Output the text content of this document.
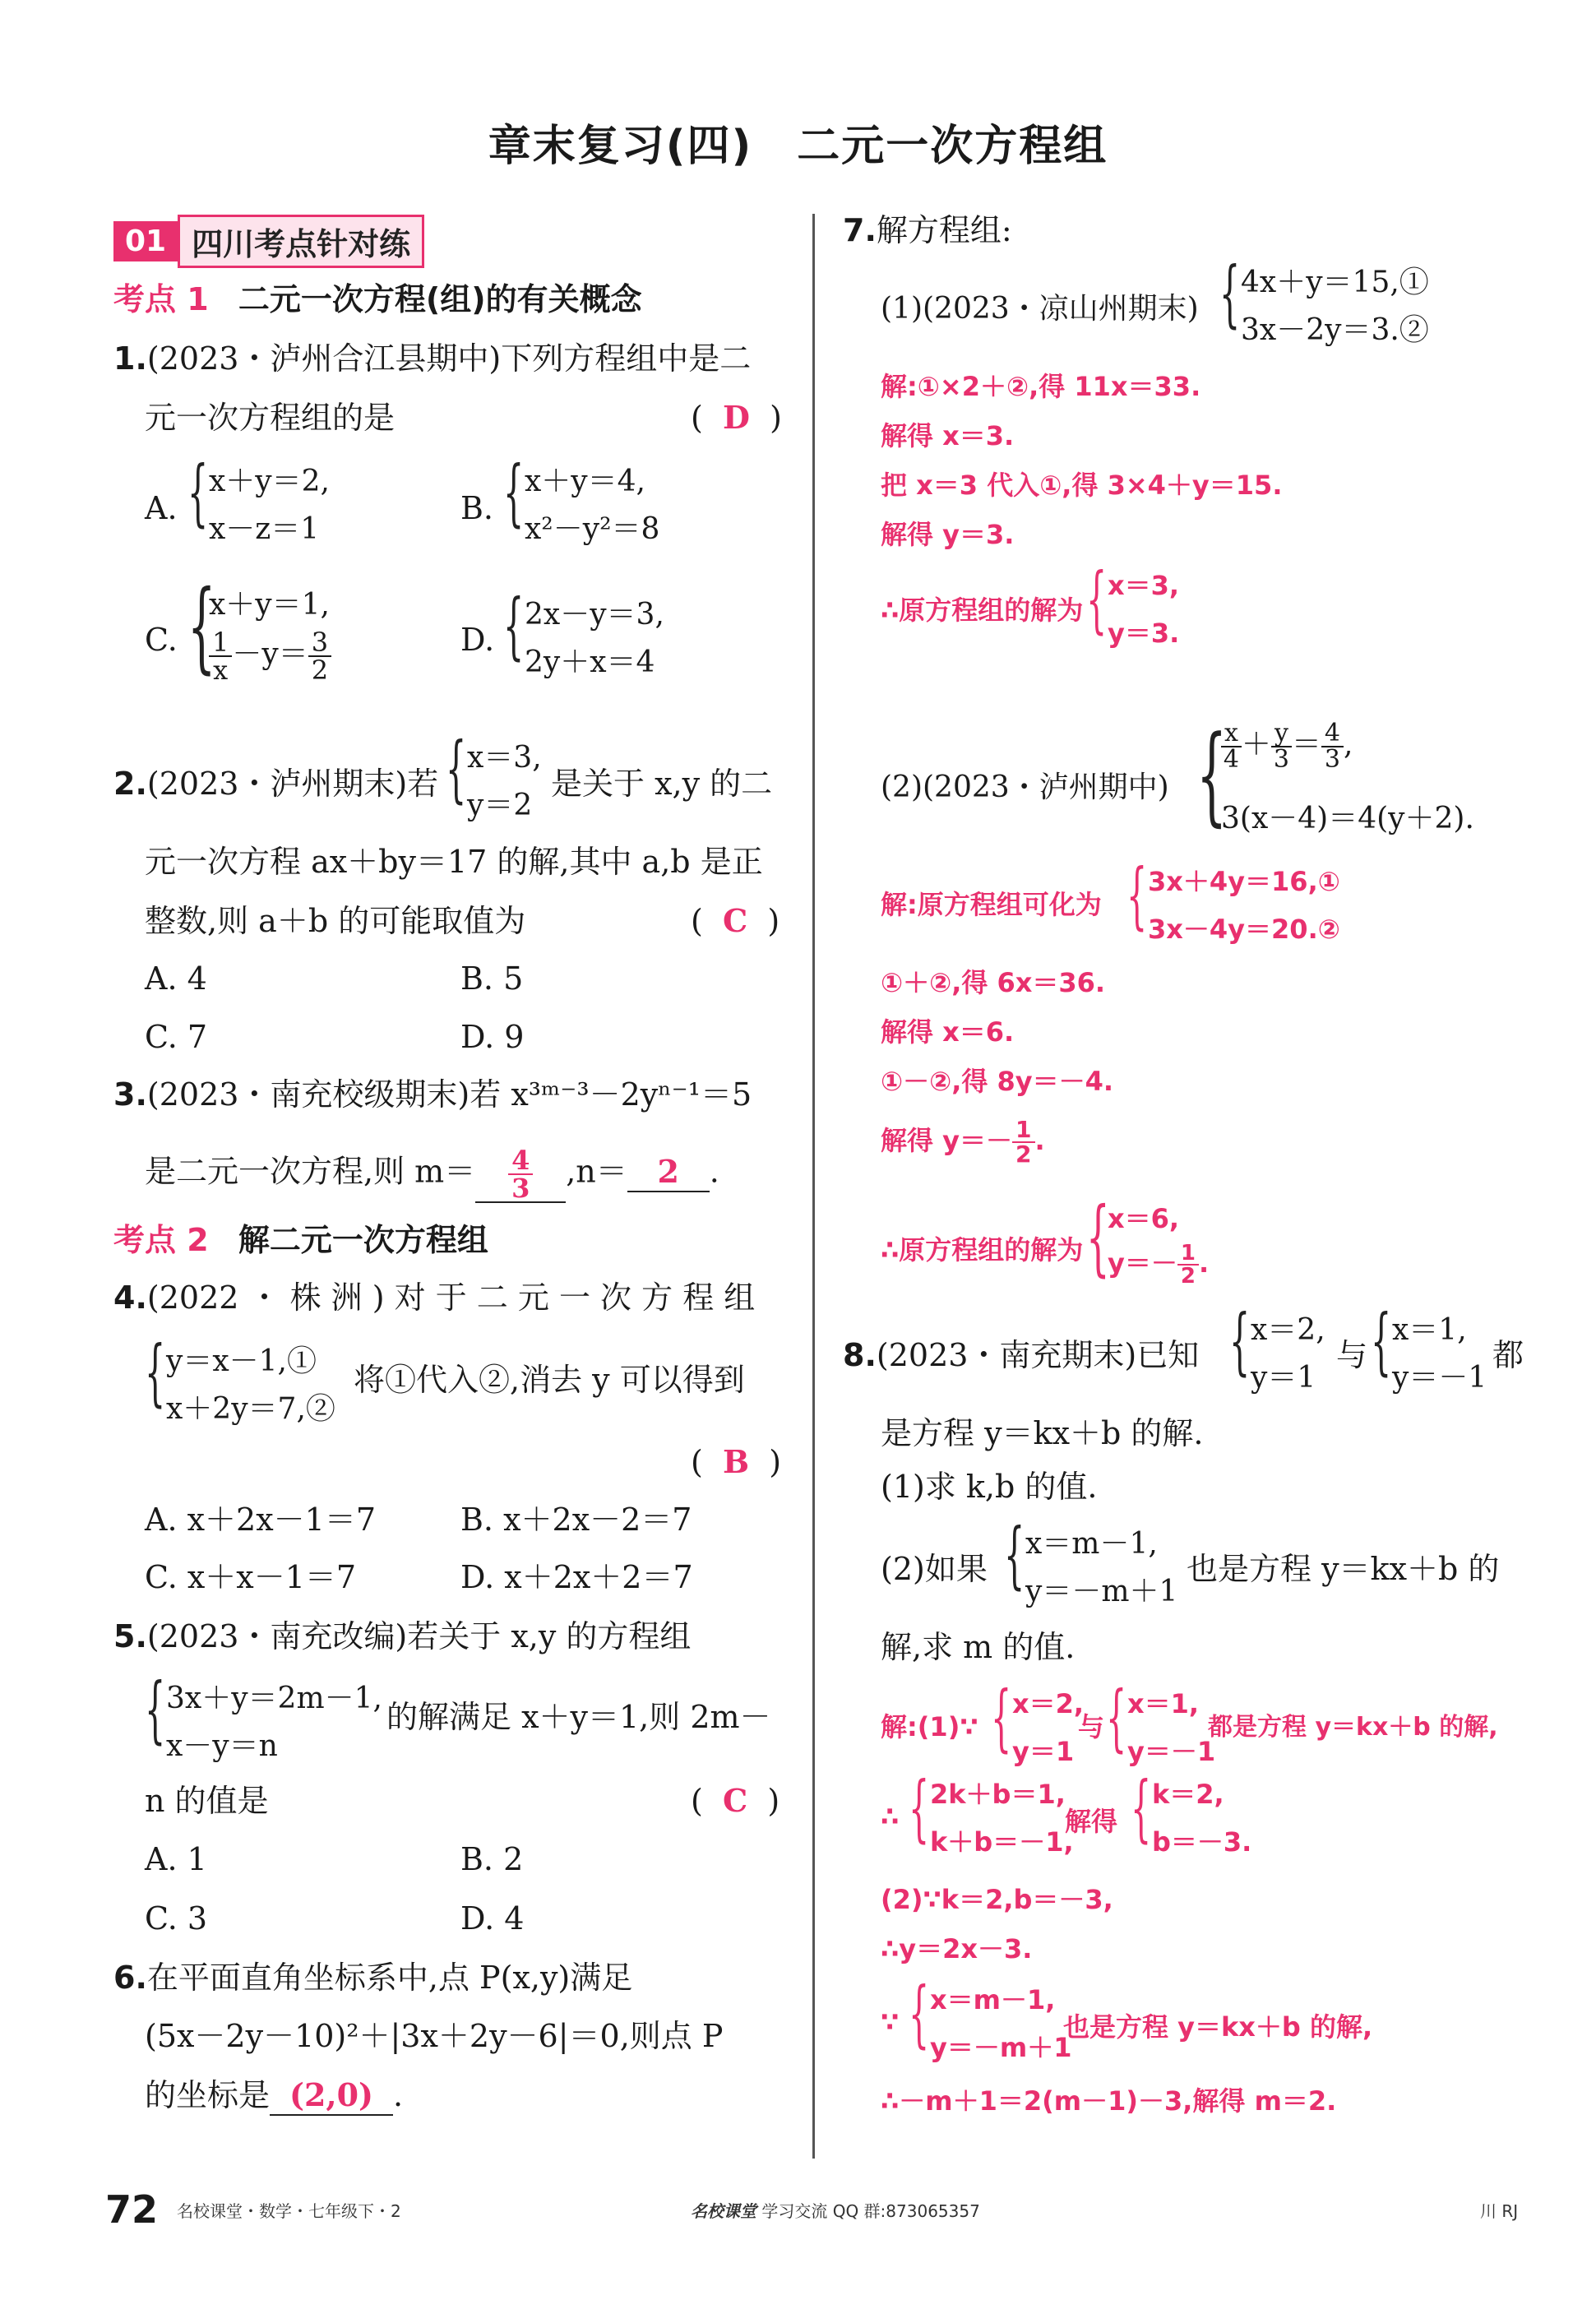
章末复习(四)　二元一次方程组
01 四川考点针对练
考点 1 二元一次方程(组)的有关概念
1.(2023・泸州合江县期中)下列方程组中是二
元一次方程组的是	(  D  )
A. { x＋y＝2,
x－z＝1
B. { x＋y＝4,
x²－y²＝8
C. {
x＋y＝1,
$\frac{1}{x} -y= \frac{3}{2}$	D. { 2x－y＝3,
2y＋x＝4
2.(2023・泸州期末)若 { x＝3,
y＝2
是关于 x,y 的二
元一次方程 ax＋by＝17 的解,其中 a,b 是正
整数,则 a＋b 的可能取值为	(  C  )
A. 4	B. 5
C. 7	D. 9
3.(2023・南充校级期末)若 x³ᵐ⁻³－2yⁿ⁻¹＝5
是二元一次方程,则 $m= \frac{4}{3} ,n= 2$ .
考点 2 解二元一次方程组
4.(2022 ・ 株 洲 ) 对 于 二 元 一 次 方 程 组
{ y＝x－1,①
x＋2y＝7,②
将①代入②,消去 y 可以得到
(  B  )
A. x＋2x－1＝7	B. x＋2x－2＝7
C. x＋x－1＝7	D. x＋2x＋2＝7
5.(2023・南充改编)若关于 x,y 的方程组
{ 3x＋y＝2m－1,
x－y＝n
的解满足 x＋y＝1,则 2m－
n 的值是	(  C  )
A. 1	B. 2
C. 3	D. 4
6.在平面直角坐标系中,点 P(x,y)满足
(5x－2y－10)²＋|3x＋2y－6|＝0,则点 P
的坐标是 (2,0) .
7.解方程组:
(1)(2023・凉山州期末) { 4x＋y＝15,①
3x－2y＝3.②
解:①×2＋②,得 11x＝33.
解得 x＝3.
把 x＝3 代入①,得 3×4＋y＝15.
解得 y＝3.
∴原方程组的解为 { x＝3,
y＝3.
(2)(2023・泸州期中) {
$\frac{x}{4} + \frac{y}{3} = \frac{4}{3}$ ,
3(x－4)＝4(y＋2).
解:原方程组可化为 { 3x＋4y＝16,①
3x－4y＝20.②
①＋②,得 6x＝36.
解得 x＝6.
①－②,得 8y＝－4.
解得 $y=- \frac{1}{2}$ .
∴原方程组的解为 {
x＝6,
$y=- \frac{1}{2}$ .
8.(2023・南充期末)已知 { x＝2,
y＝1
与 { x＝1,
y＝－1
都
是方程 y＝kx＋b 的解.
(1)求 k,b 的值.
(2)如果 { x＝m－1,
y＝－m＋1
也是方程 y＝kx＋b 的
解,求 m 的值.
解:(1)∵ { x＝2,
y＝1
与 { x＝1,
y＝－1
都是方程 y＝kx＋b 的解,
∴ { 2k＋b＝1,
k＋b＝－1,
解得 { k＝2,
b＝－3.
(2)∵k＝2,b＝－3,
∴y＝2x－3.
∵ { x＝m－1,
y＝－m＋1
也是方程 y＝kx＋b 的解,
∴－m＋1＝2(m－1)－3,解得 m＝2.
72 名校课堂・数学・七年级下・2	名校课堂 学习交流 QQ 群:873065357	川 RJ
